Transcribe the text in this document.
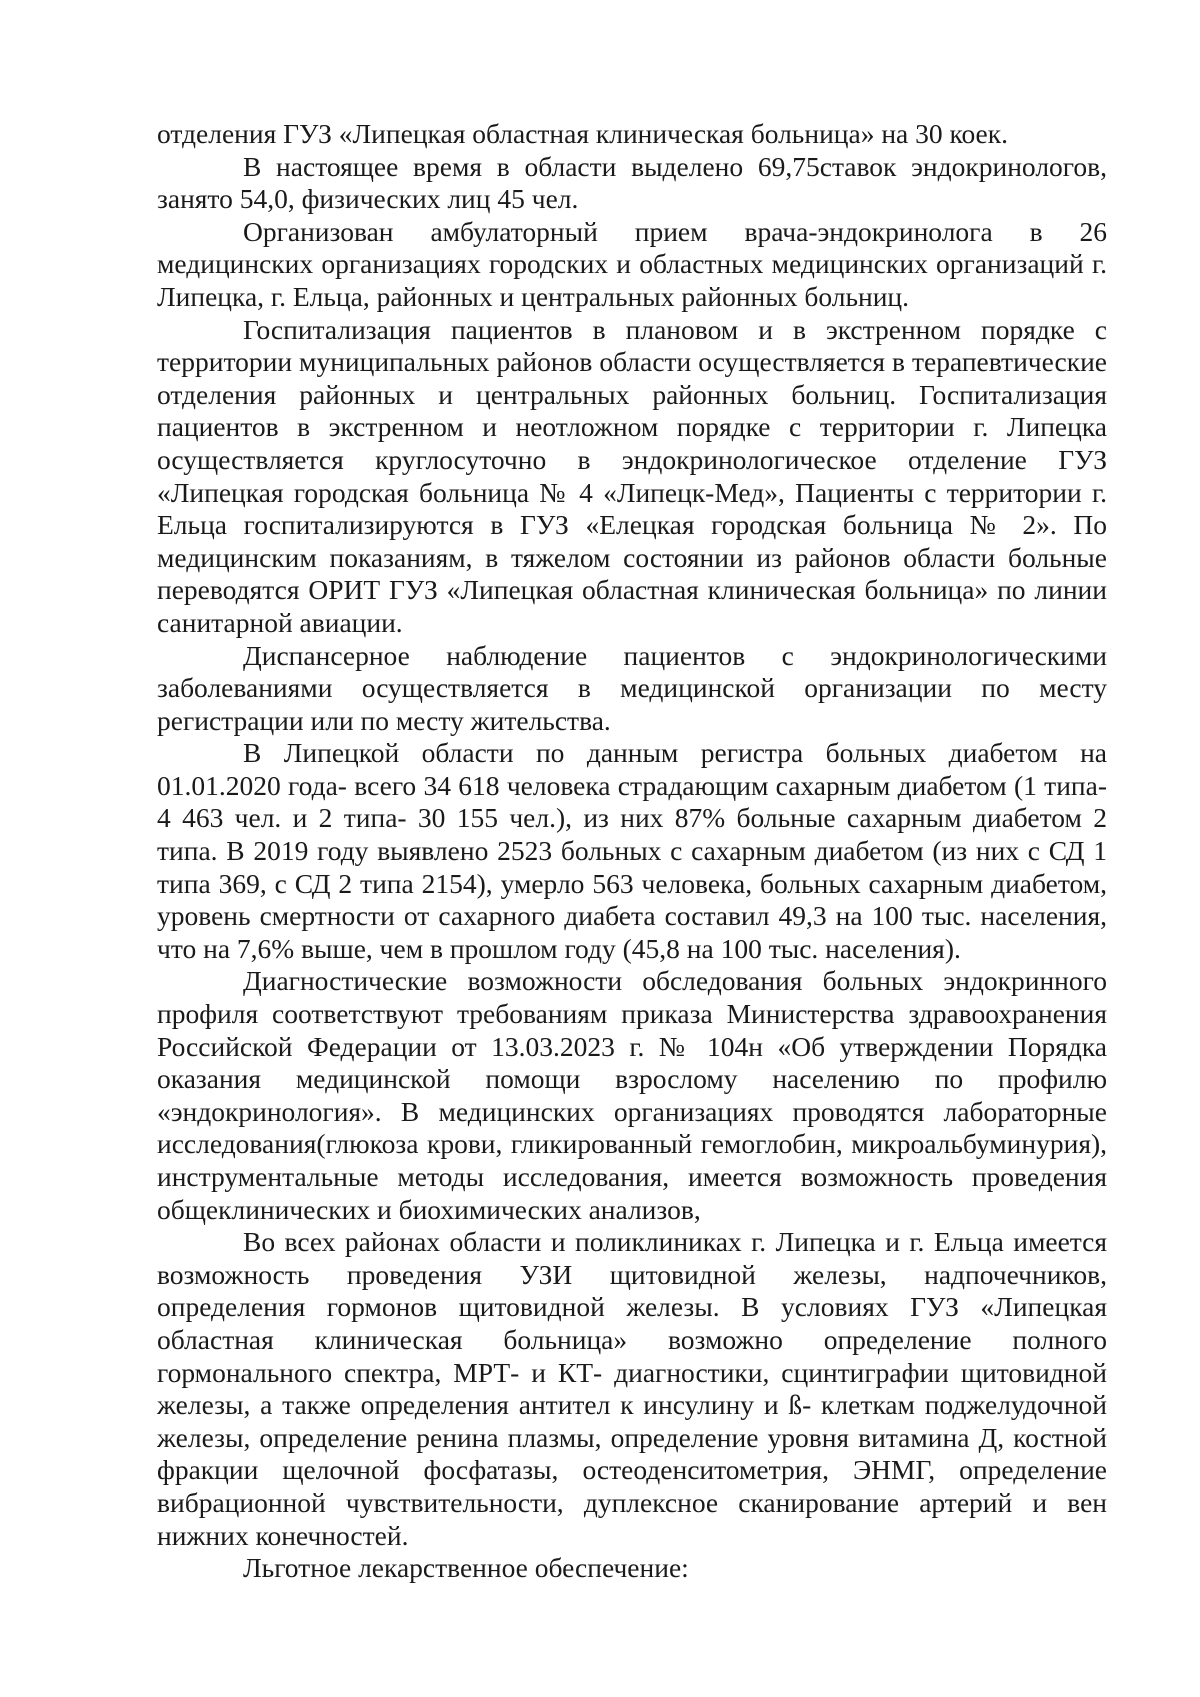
отделения ГУЗ «Липецкая областная клиническая больница» на 30 коек.

В настоящее время в области выделено 69,75ставок эндокринологов, занято 54,0, физических лиц 45 чел.

Организован амбулаторный прием врача-эндокринолога в 26 медицинских организациях городских и областных медицинских организаций г. Липецка, г. Ельца, районных и центральных районных больниц.

Госпитализация пациентов в плановом и в экстренном порядке с территории муниципальных районов области осуществляется в терапевтические отделения районных и центральных районных больниц. Госпитализация пациентов в экстренном и неотложном порядке с территории г. Липецка осуществляется круглосуточно в эндокринологическое отделение ГУЗ «Липецкая городская больница № 4 «Липецк-Мед», Пациенты с территории г. Ельца госпитализируются в ГУЗ «Елецкая городская больница № 2». По медицинским показаниям, в тяжелом состоянии из районов области больные переводятся ОРИТ ГУЗ «Липецкая областная клиническая больница» по линии санитарной авиации.

Диспансерное наблюдение пациентов с эндокринологическими заболеваниями осуществляется в медицинской организации по месту регистрации или по месту жительства.

В Липецкой области по данным регистра больных диабетом на 01.01.2020 года- всего 34 618 человека страдающим сахарным диабетом (1 типа- 4 463 чел. и 2 типа- 30 155 чел.), из них 87% больные сахарным диабетом 2 типа. В 2019 году выявлено 2523 больных с сахарным диабетом (из них с СД 1 типа 369, с СД 2 типа 2154), умерло 563 человека, больных сахарным диабетом, уровень смертности от сахарного диабета составил 49,3 на 100 тыс. населения, что на 7,6% выше, чем в прошлом году (45,8 на 100 тыс. населения).

Диагностические возможности обследования больных эндокринного профиля соответствуют требованиям приказа Министерства здравоохранения Российской Федерации от 13.03.2023 г. № 104н «Об утверждении Порядка оказания медицинской помощи взрослому населению по профилю «эндокринология». В медицинских организациях проводятся лабораторные исследования(глюкоза крови, гликированный гемоглобин, микроальбуминурия), инструментальные методы исследования, имеется возможность проведения общеклинических и биохимических анализов,

Во всех районах области и поликлиниках г. Липецка и г. Ельца имеется возможность проведения УЗИ щитовидной железы, надпочечников, определения гормонов щитовидной железы. В условиях ГУЗ «Липецкая областная клиническая больница» возможно определение полного гормонального спектра, МРТ- и КТ- диагностики, сцинтиграфии щитовидной железы, а также определения антител к инсулину и ß- клеткам поджелудочной железы, определение ренина плазмы, определение уровня витамина Д, костной фракции щелочной фосфатазы, остеоденситометрия, ЭНМГ, определение вибрационной чувствительности, дуплексное сканирование артерий и вен нижних конечностей.

Льготное лекарственное обеспечение:
